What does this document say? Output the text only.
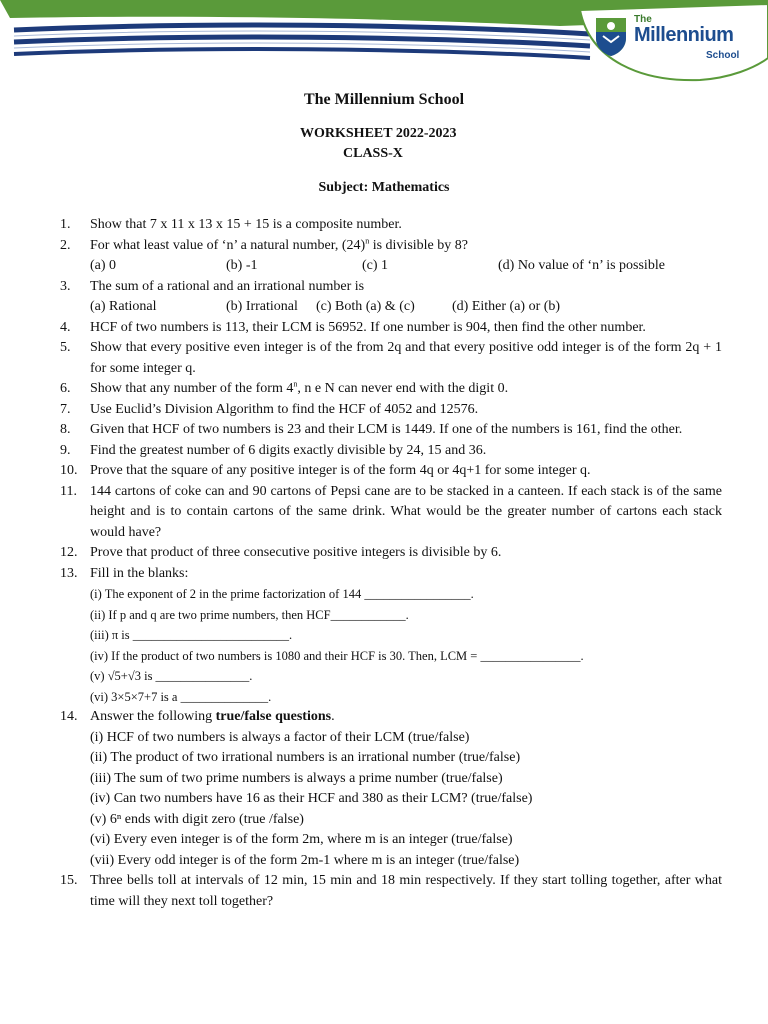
The
Millennium
School

The Millennium School

WORKSHEET 2022-2023
CLASS-X
Subject: Mathematics
1.	Show that 7 x 11 x 13 x 15 + 15 is a composite number.
2.	For what least value of ‘n’ a natural number, $(24)^n$ is divisible by 8?
(a) 0	(b) -1	(c) 1	(d) No value of ‘n’ is possible
3.	The sum of a rational and an irrational number is
(a) Rational	(b) Irrational	(c) Both (a) & (c)	(d) Either (a) or (b)
4.	HCF of two numbers is 113, their LCM is 56952. If one number is 904, then find the other number.
5.	Show that every positive even integer is of the from 2q and that every positive odd integer is of the form 2q + 1 for some integer q.
6.	Show that any number of the form 4$^n$, n e N can never end with the digit 0.
7.	Use Euclid’s Division Algorithm to find the HCF of 4052 and 12576.
8.	Given that HCF of two numbers is 23 and their LCM is 1449. If one of the numbers is 161, find the other.
9.	Find the greatest number of 6 digits exactly divisible by 24, 15 and 36.
10. Prove that the square of any positive integer is of the form 4q or 4q+1 for some integer q.
11. 144 cartons of coke can and 90 cartons of Pepsi cane are to be stacked in a canteen. If each stack is of the same height and is to contain cartons of the same drink. What would be the greater number of cartons each stack would have?
12. Prove that product of three consecutive positive integers is divisible by 6.
13. Fill in the blanks:
(i) The exponent of 2 in the prime factorization of 144 _________________.
(ii) If p and q are two prime numbers, then HCF____________.
(iii) π is _________________________.
(iv) If the product of two numbers is 1080 and their HCF is 30. Then, LCM = ________________.
(v) √5+√3 is _______________.
(vi) 3×5×7+7 is a ______________.
14. Answer the following true/false questions.
(i) HCF of two numbers is always a factor of their LCM (true/false)
(ii) The product of two irrational numbers is an irrational number (true/false)
(iii) The sum of two prime numbers is always a prime number (true/false)
(iv) Can two numbers have 16 as their HCF and 380 as their LCM? (true/false)
(v) 6ⁿ ends with digit zero (true /false)
(vi) Every even integer is of the form 2m, where m is an integer (true/false)
(vii) Every odd integer is of the form 2m-1 where m is an integer (true/false)
15. Three bells toll at intervals of 12 min, 15 min and 18 min respectively. If they start tolling together, after what time will they next toll together?
